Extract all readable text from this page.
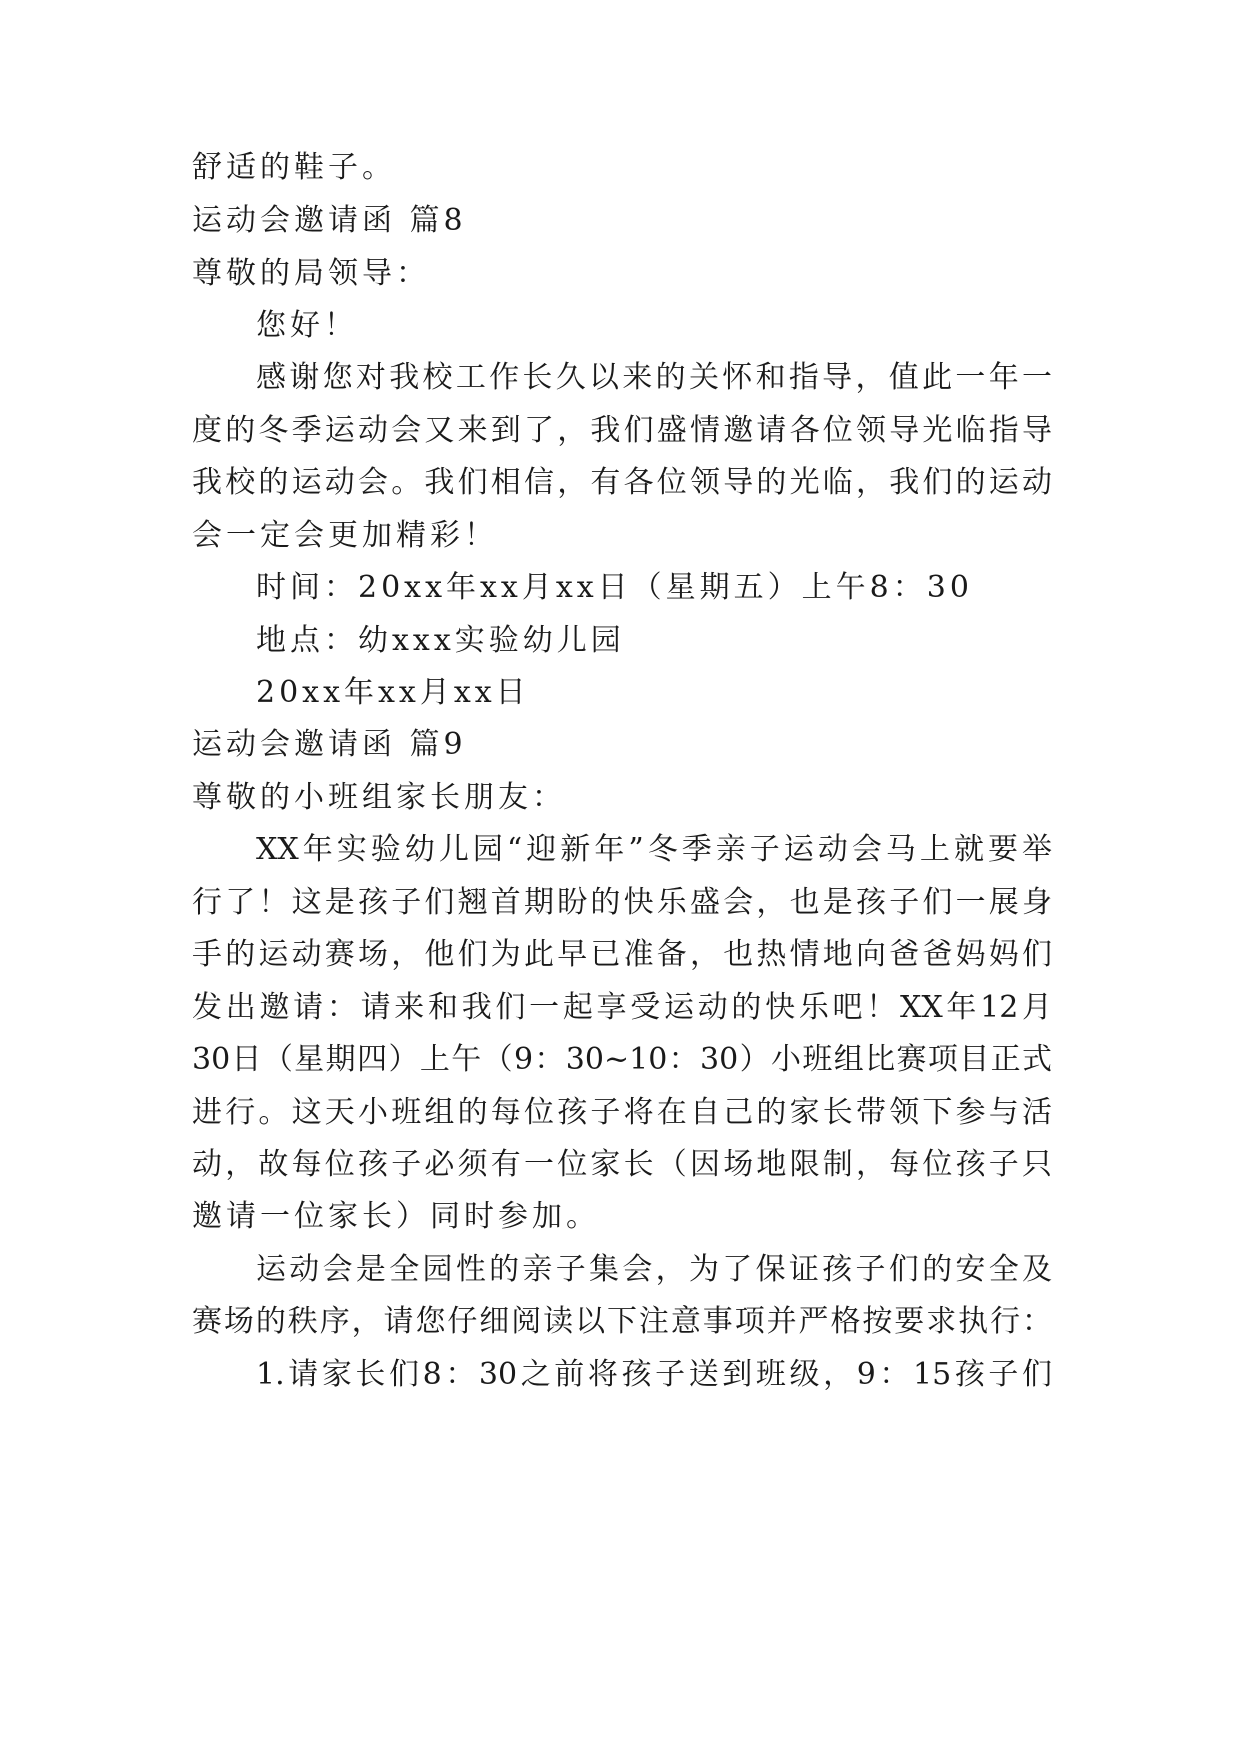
舒适的鞋子。

运动会邀请函 篇8

尊敬的局领导：

您好！

感谢您对我校工作长久以来的关怀和指导，值此一年一

度的冬季运动会又来到了，我们盛情邀请各位领导光临指导

我校的运动会。我们相信，有各位领导的光临，我们的运动

会一定会更加精彩！

时间：20xx年xx月xx日（星期五）上午8：30

地点：幼xxx实验幼儿园

20xx年xx月xx日

运动会邀请函 篇9

尊敬的小班组家长朋友：

XX年实验幼儿园“迎新年”冬季亲子运动会马上就要举

行了！这是孩子们翘首期盼的快乐盛会，也是孩子们一展身

手的运动赛场，他们为此早已准备，也热情地向爸爸妈妈们

发出邀请：请来和我们一起享受运动的快乐吧！XX年12月

30日（星期四）上午（9：30~10：30）小班组比赛项目正式

进行。这天小班组的每位孩子将在自己的家长带领下参与活

动，故每位孩子必须有一位家长（因场地限制，每位孩子只

邀请一位家长）同时参加。

运动会是全园性的亲子集会，为了保证孩子们的安全及

赛场的秩序，请您仔细阅读以下注意事项并严格按要求执行：

1.请家长们8：30之前将孩子送到班级，9：15孩子们
